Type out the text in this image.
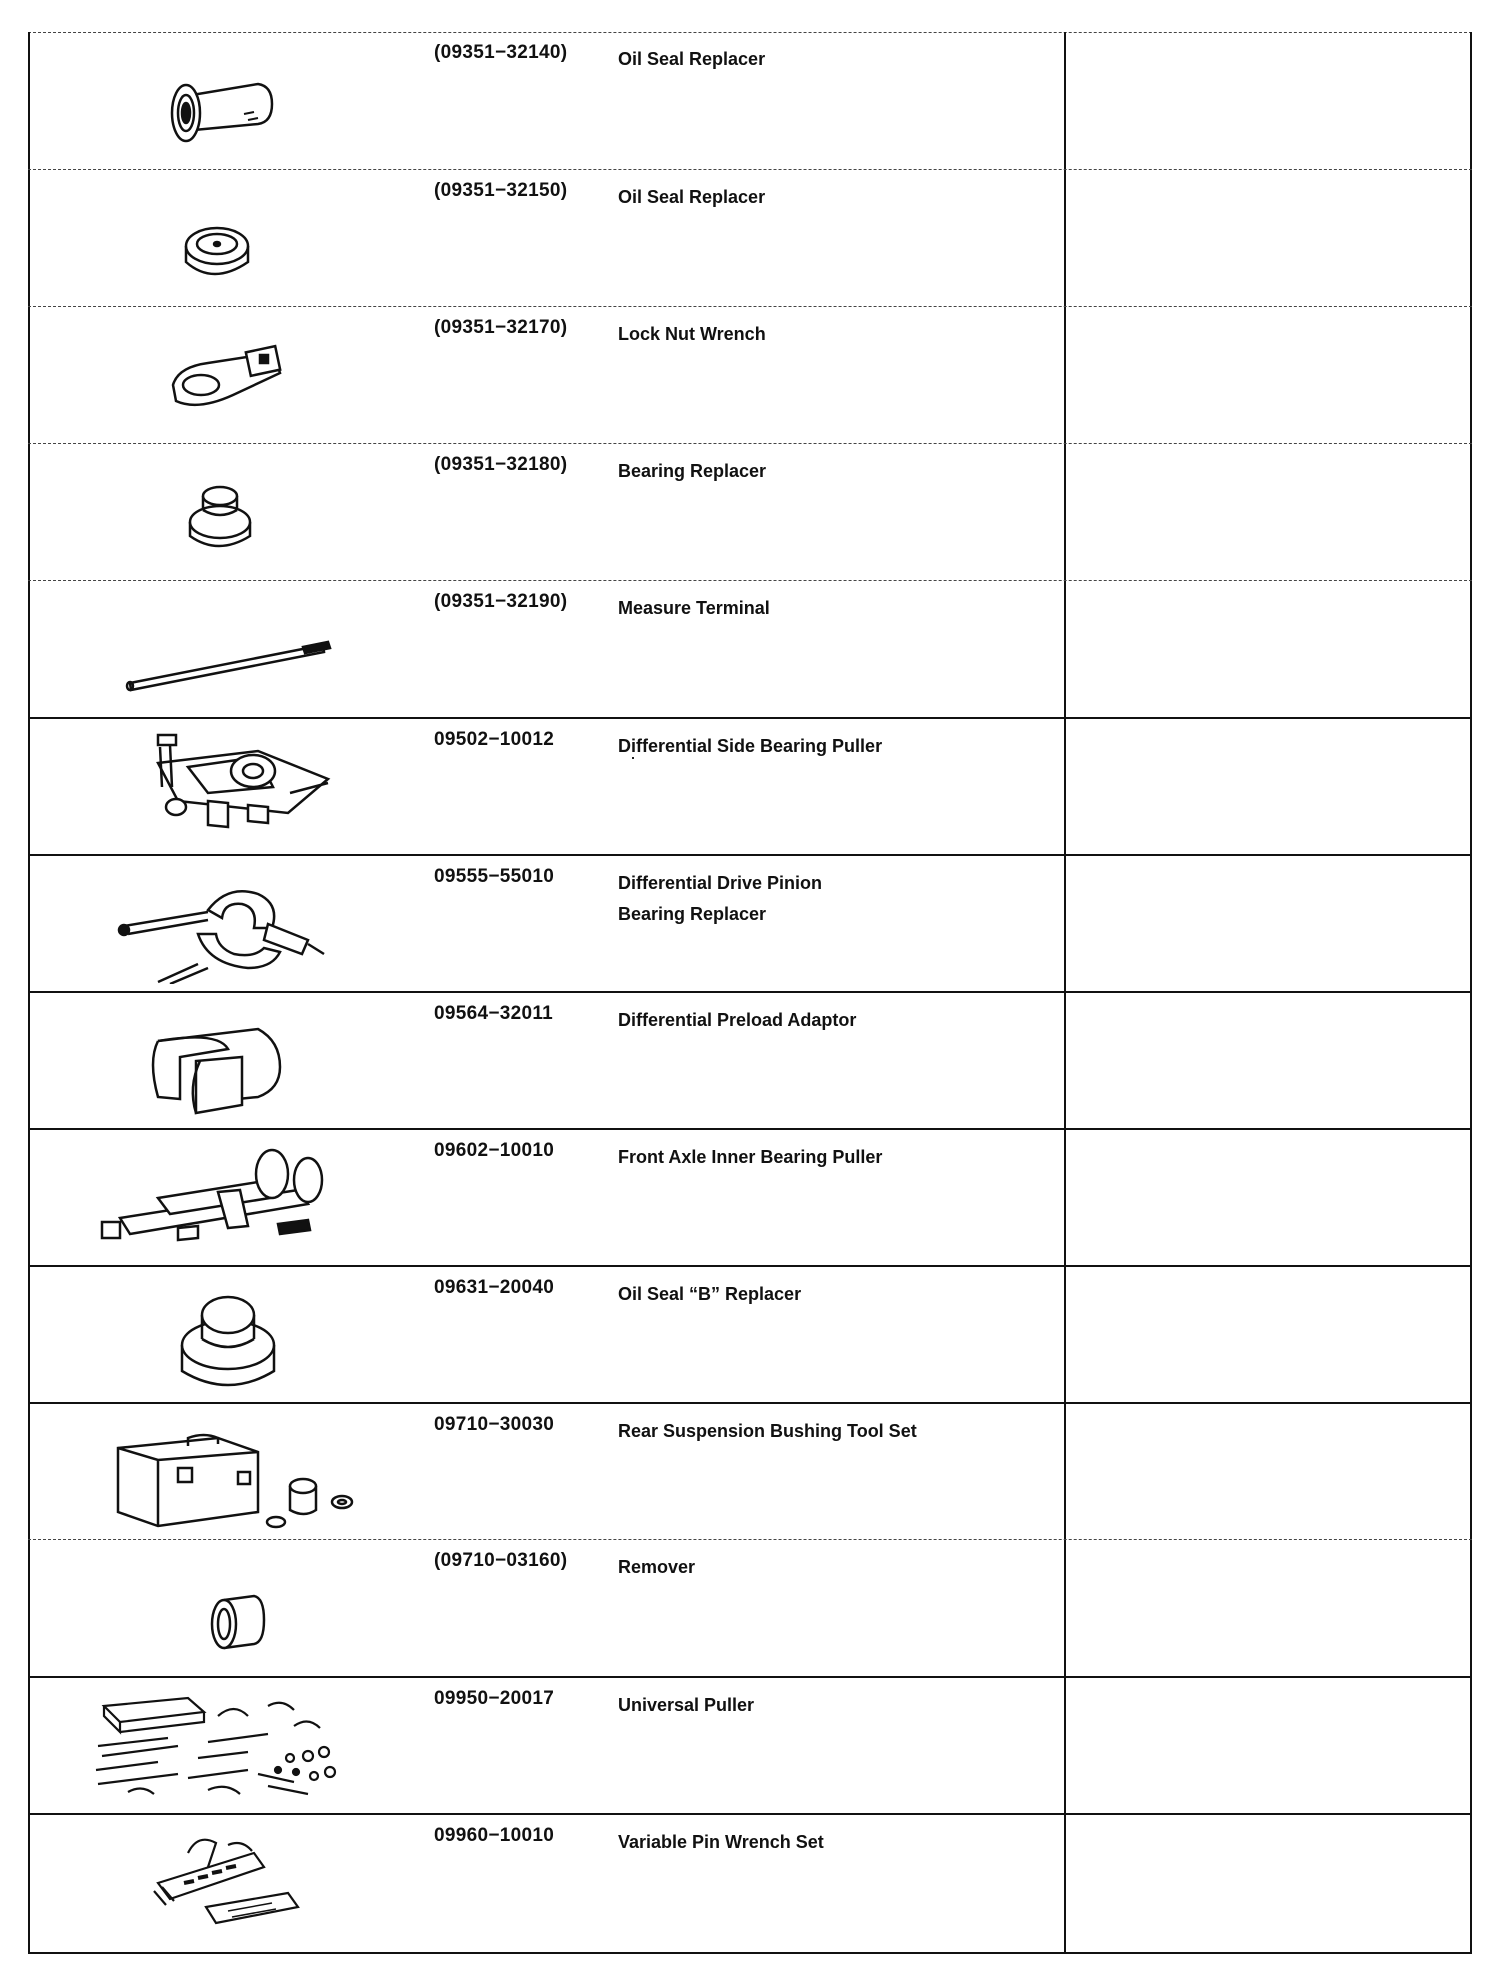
(09351−32140)	Oil Seal Replacer
(09351−32150)	Oil Seal Replacer
(09351−32170)	Lock Nut Wrench
(09351−32180)	Bearing Replacer
(09351−32190)	Measure Terminal
09502−10012	Differential Side Bearing Puller
09555−55010	Differential Drive Pinion
Bearing Replacer
09564−32011	Differential Preload Adaptor
09602−10010	Front Axle Inner Bearing Puller
09631−20040	Oil Seal “B” Replacer
09710−30030	Rear Suspension Bushing Tool Set
(09710−03160)	Remover
09950−20017	Universal Puller
09960−10010	Variable Pin Wrench Set
